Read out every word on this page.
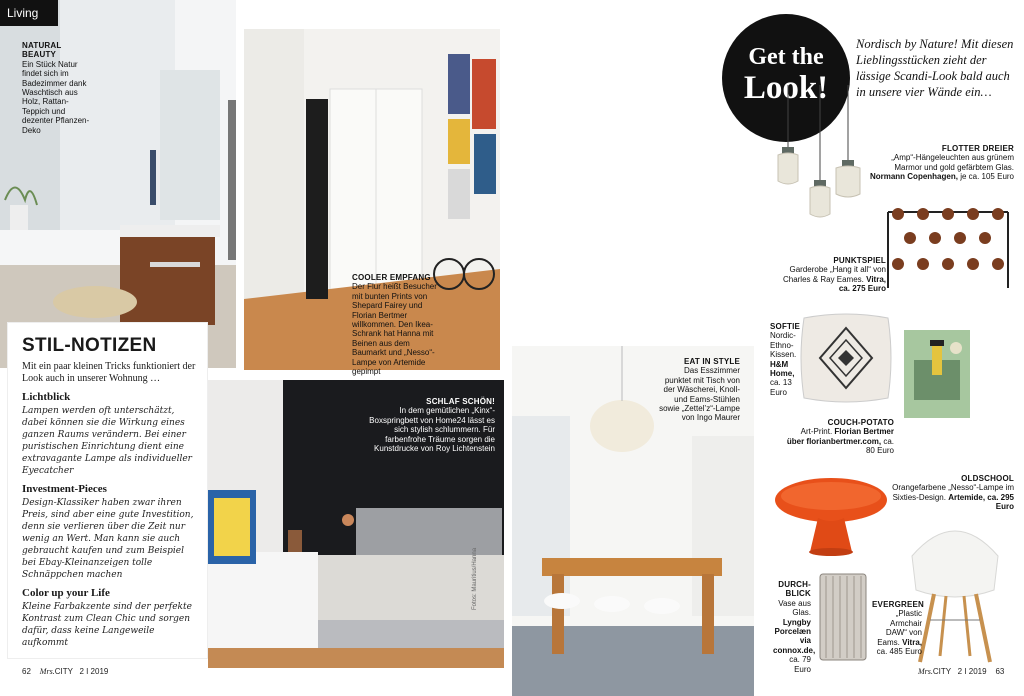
Living
NATURAL BEAUTY
Ein Stück Natur findet sich im Badezimmer dank Waschtisch aus Holz, Rattan-Teppich und dezenter Pflanzen-Deko
COOLER EMPFANG
Der Flur heißt Besucher mit bunten Prints von Shepard Fairey und Florian Bertmer willkommen. Den Ikea-Schrank hat Hanna mit Beinen aus dem Baumarkt und „Nesso“-Lampe von Artemide gepimpt
SCHLAF SCHÖN!
In dem gemütlichen „Kinx“-Boxspringbett von Home24 lässt es sich stylish schlummern. Für farbenfrohe Träume sorgen die Kunstdrucke von Roy Lichtenstein
Fotos: Mauritius/Hanna
STIL-NOTIZEN
Mit ein paar kleinen Tricks funktioniert der Look auch in unserer Wohnung …
Lichtblick
Lampen werden oft unterschätzt, dabei können sie die Wirkung eines ganzen Raums verändern. Bei einer puristischen Einrichtung dient eine extravagante Lampe als individueller Eyecatcher
Investment-Pieces
Design-Klassiker haben zwar ihren Preis, sind aber eine gute Investition, denn sie verlieren über die Zeit nur wenig an Wert. Man kann sie auch gebraucht kaufen und zum Beispiel bei Ebay-Kleinanzeigen tolle Schnäppchen machen
Color up your Life
Kleine Farbakzente sind der perfekte Kontrast zum Clean Chic und sorgen dafür, dass keine Langeweile aufkommt
EAT IN STYLE
Das Esszimmer punktet mit Tisch von der Wäscherei, Knoll- und Eams-Stühlen sowie „Zettel’z“-Lampe von Ingo Maurer
62 Mrs.CITY 2 I 2019
Get the
Look!
Nordisch by Nature! Mit diesen Lieblingsstücken zieht der lässige Scandi-Look bald auch in unsere vier Wände ein…
FLOTTER DREIER
„Amp“-Hängeleuchten aus grünem Marmor und gold gefärbtem Glas. Normann Copenhagen, je ca. 105 Euro
PUNKTSPIEL
Garderobe „Hang it all“ von Charles & Ray Eames. Vitra, ca. 275 Euro
SOFTIE
Nordic-Ethno-Kissen. H&M Home, ca. 13 Euro
COUCH-POTATO
Art-Print. Florian Bertmer über florianbertmer.com, ca. 80 Euro
OLDSCHOOL
Orangefarbene „Nesso“-Lampe im Sixties-Design. Artemide, ca. 295 Euro
DURCH-BLICK
Vase aus Glas. Lyngby Porcelæn via connox.de, ca. 79 Euro
EVERGREEN
„Plastic Armchair DAW“ von Eams. Vitra, ca. 485 Euro
Mrs.CITY 2 I 2019 63
